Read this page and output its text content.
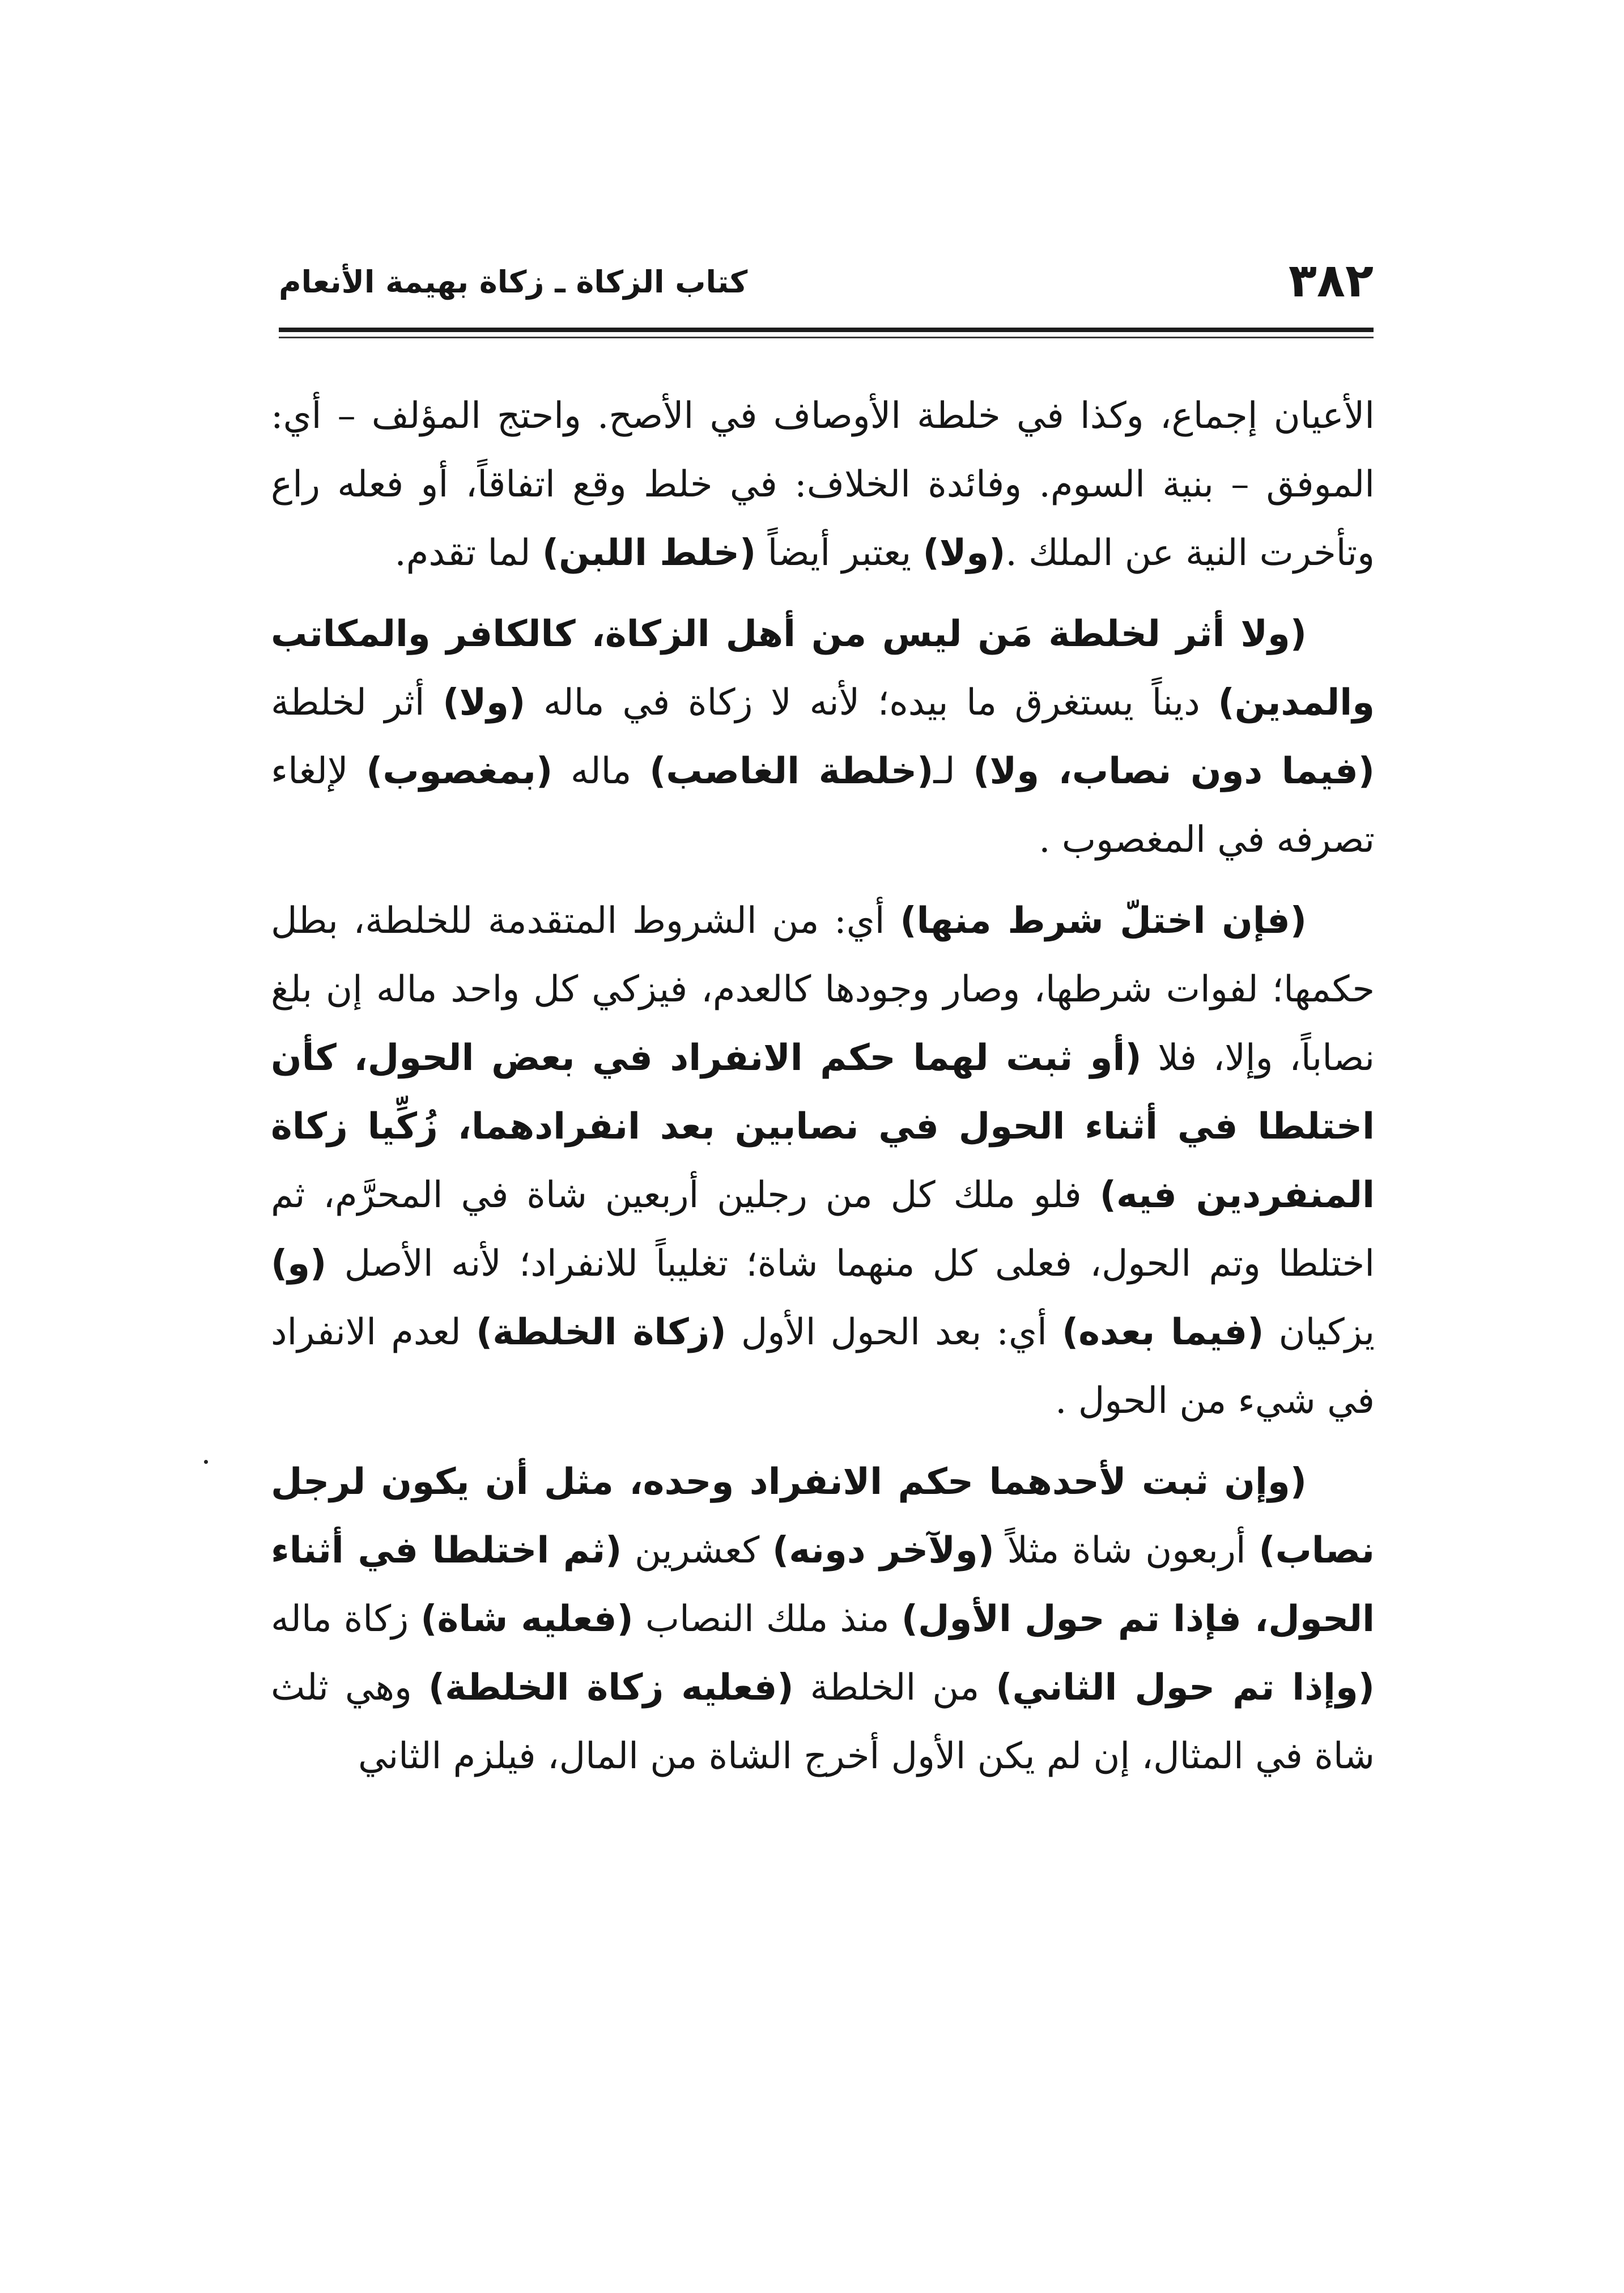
٣٨٢
كتاب الزكاة ـ زكاة بهيمة الأنعام

الأعيان إجماع، وكذا في خلطة الأوصاف في الأصح. واحتج المؤلف – أي: الموفق – بنية السوم. وفائدة الخلاف: في خلط وقع اتفاقاً، أو فعله راع وتأخرت النية عن الملك .(ولا) يعتبر أيضاً (خلط اللبن) لما تقدم.

(ولا أثر لخلطة مَن ليس من أهل الزكاة، كالكافر والمكاتب والمدين) ديناً يستغرق ما بيده؛ لأنه لا زكاة في ماله (ولا) أثر لخلطة (فيما دون نصاب، ولا) لـ(خلطة الغاصب) ماله (بمغصوب) لإلغاء تصرفه في المغصوب .

(فإن اختلّ شرط منها) أي: من الشروط المتقدمة للخلطة، بطل حكمها؛ لفوات شرطها، وصار وجودها كالعدم، فيزكي كل واحد ماله إن بلغ نصاباً، وإلا، فلا (أو ثبت لهما حكم الانفراد في بعض الحول، كأن اختلطا في أثناء الحول في نصابين بعد انفرادهما، زُكِّيا زكاة المنفردين فيه) فلو ملك كل من رجلين أربعين شاة في المحرَّم، ثم اختلطا وتم الحول، فعلى كل منهما شاة؛ تغليباً للانفراد؛ لأنه الأصل (و) يزكيان (فيما بعده) أي: بعد الحول الأول (زكاة الخلطة) لعدم الانفراد في شيء من الحول .

(وإن ثبت لأحدهما حكم الانفراد وحده، مثل أن يكون لرجل نصاب) أربعون شاة مثلاً (ولآخر دونه) كعشرين (ثم اختلطا في أثناء الحول، فإذا تم حول الأول) منذ ملك النصاب (فعليه شاة) زكاة ماله (وإذا تم حول الثاني) من الخلطة (فعليه زكاة الخلطة) وهي ثلث شاة في المثال، إن لم يكن الأول أخرج الشاة من المال، فيلزم الثاني
